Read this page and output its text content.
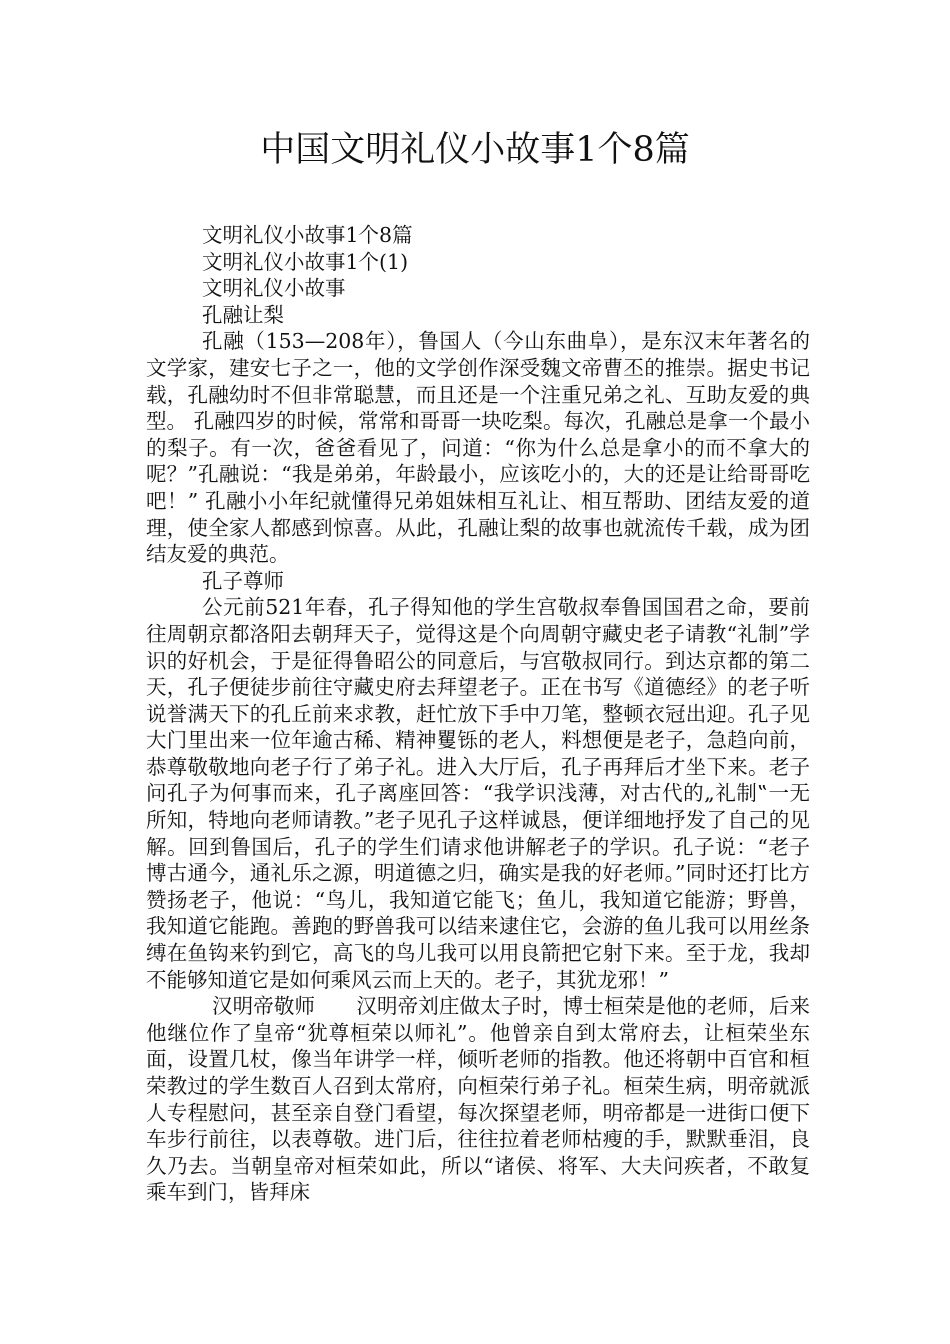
中国文明礼仪小故事1个8篇

文明礼仪小故事1个8篇

文明礼仪小故事1个(1)

文明礼仪小故事

孔融让梨

孔融（153—208年），鲁国人（今山东曲阜），是东汉末年著名的文学家，建安七子之一，他的文学创作深受魏文帝曹丕的推崇。据史书记载，孔融幼时不但非常聪慧，而且还是一个注重兄弟之礼、互助友爱的典型。 孔融四岁的时候，常常和哥哥一块吃梨。每次，孔融总是拿一个最小的梨子。有一次，爸爸看见了，问道：“你为什么总是拿小的而不拿大的呢？”孔融说：“我是弟弟，年龄最小，应该吃小的，大的还是让给哥哥吃吧！” 孔融小小年纪就懂得兄弟姐妹相互礼让、相互帮助、团结友爱的道理，使全家人都感到惊喜。从此，孔融让梨的故事也就流传千载，成为团结友爱的典范。

孔子尊师

公元前521年春，孔子得知他的学生宫敬叔奉鲁国国君之命，要前往周朝京都洛阳去朝拜天子，觉得这是个向周朝守藏史老子请教“礼制”学识的好机会，于是征得鲁昭公的同意后，与宫敬叔同行。到达京都的第二天，孔子便徒步前往守藏史府去拜望老子。正在书写《道德经》的老子听说誉满天下的孔丘前来求教，赶忙放下手中刀笔，整顿衣冠出迎。孔子见大门里出来一位年逾古稀、精神矍铄的老人，料想便是老子，急趋向前，恭尊敬敬地向老子行了弟子礼。进入大厅后，孔子再拜后才坐下来。老子问孔子为何事而来，孔子离座回答：“我学识浅薄，对古代的„礼制‟一无所知，特地向老师请教。”老子见孔子这样诚恳，便详细地抒发了自己的见解。回到鲁国后，孔子的学生们请求他讲解老子的学识。孔子说：“老子博古通今，通礼乐之源，明道德之归，确实是我的好老师。”同时还打比方赞扬老子，他说：“鸟儿，我知道它能飞；鱼儿，我知道它能游；野兽，我知道它能跑。善跑的野兽我可以结来逮住它，会游的鱼儿我可以用丝条缚在鱼钩来钓到它，高飞的鸟儿我可以用良箭把它射下来。至于龙，我却不能够知道它是如何乘风云而上天的。老子，其犹龙邪！”

汉明帝敬师　　汉明帝刘庄做太子时，博士桓荣是他的老师，后来他继位作了皇帝“犹尊桓荣以师礼”。他曾亲自到太常府去，让桓荣坐东面，设置几杖，像当年讲学一样，倾听老师的指教。他还将朝中百官和桓荣教过的学生数百人召到太常府，向桓荣行弟子礼。桓荣生病，明帝就派人专程慰问，甚至亲自登门看望，每次探望老师，明帝都是一进街口便下车步行前往，以表尊敬。进门后，往往拉着老师枯瘦的手，默默垂泪，良久乃去。当朝皇帝对桓荣如此，所以“诸侯、将军、大夫问疾者，不敢复乘车到门，皆拜床
